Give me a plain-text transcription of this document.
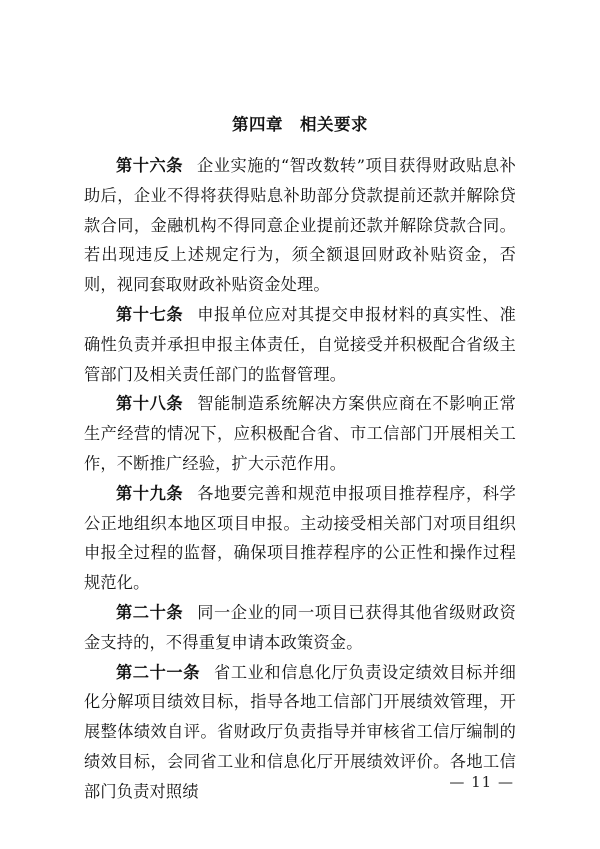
第四章　相关要求

第十六条 企业实施的“智改数转”项目获得财政贴息补助后，企业不得将获得贴息补助部分贷款提前还款并解除贷款合同，金融机构不得同意企业提前还款并解除贷款合同。若出现违反上述规定行为，须全额退回财政补贴资金，否则，视同套取财政补贴资金处理。

第十七条 申报单位应对其提交申报材料的真实性、准确性负责并承担申报主体责任，自觉接受并积极配合省级主管部门及相关责任部门的监督管理。

第十八条 智能制造系统解决方案供应商在不影响正常生产经营的情况下，应积极配合省、市工信部门开展相关工作，不断推广经验，扩大示范作用。

第十九条 各地要完善和规范申报项目推荐程序，科学公正地组织本地区项目申报。主动接受相关部门对项目组织申报全过程的监督，确保项目推荐程序的公正性和操作过程规范化。

第二十条 同一企业的同一项目已获得其他省级财政资金支持的，不得重复申请本政策资金。

第二十一条 省工业和信息化厅负责设定绩效目标并细化分解项目绩效目标，指导各地工信部门开展绩效管理，开展整体绩效自评。省财政厅负责指导并审核省工信厅编制的绩效目标，会同省工业和信息化厅开展绩效评价。各地工信部门负责对照绩	— 11 —
